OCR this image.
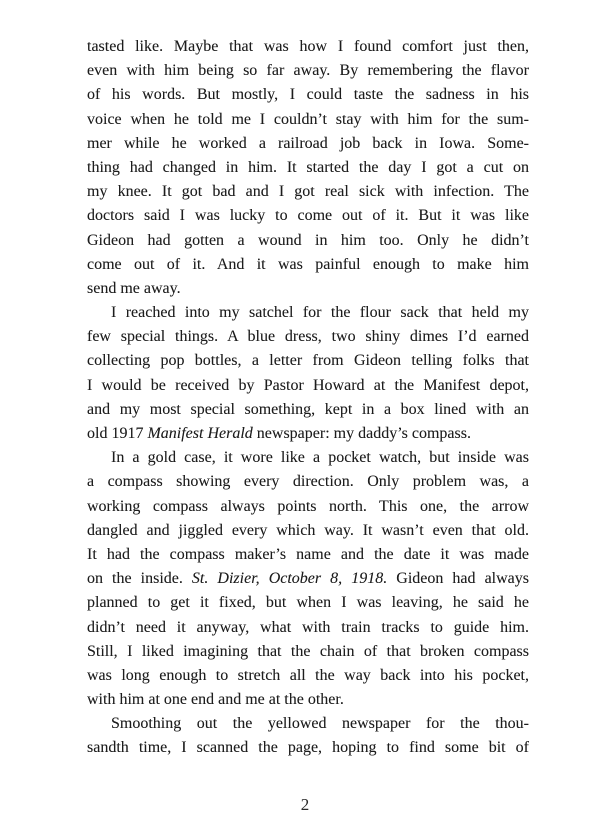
tasted like. Maybe that was how I found comfort just then,
even with him being so far away. By remembering the flavor
of his words. But mostly, I could taste the sadness in his
voice when he told me I couldn’t stay with him for the sum-
mer while he worked a railroad job back in Iowa. Some-
thing had changed in him. It started the day I got a cut on
my knee. It got bad and I got real sick with infection. The
doctors said I was lucky to come out of it. But it was like
Gideon had gotten a wound in him too. Only he didn’t
come out of it. And it was painful enough to make him
send me away.
I reached into my satchel for the flour sack that held my
few special things. A blue dress, two shiny dimes I’d earned
collecting pop bottles, a letter from Gideon telling folks that
I would be received by Pastor Howard at the Manifest depot,
and my most special something, kept in a box lined with an
old 1917 Manifest Herald newspaper: my daddy’s compass.
In a gold case, it wore like a pocket watch, but inside was
a compass showing every direction. Only problem was, a
working compass always points north. This one, the arrow
dangled and jiggled every which way. It wasn’t even that old.
It had the compass maker’s name and the date it was made
on the inside. St. Dizier, October 8, 1918. Gideon had always
planned to get it fixed, but when I was leaving, he said he
didn’t need it anyway, what with train tracks to guide him.
Still, I liked imagining that the chain of that broken compass
was long enough to stretch all the way back into his pocket,
with him at one end and me at the other.
Smoothing out the yellowed newspaper for the thou-
sandth time, I scanned the page, hoping to find some bit of
2
